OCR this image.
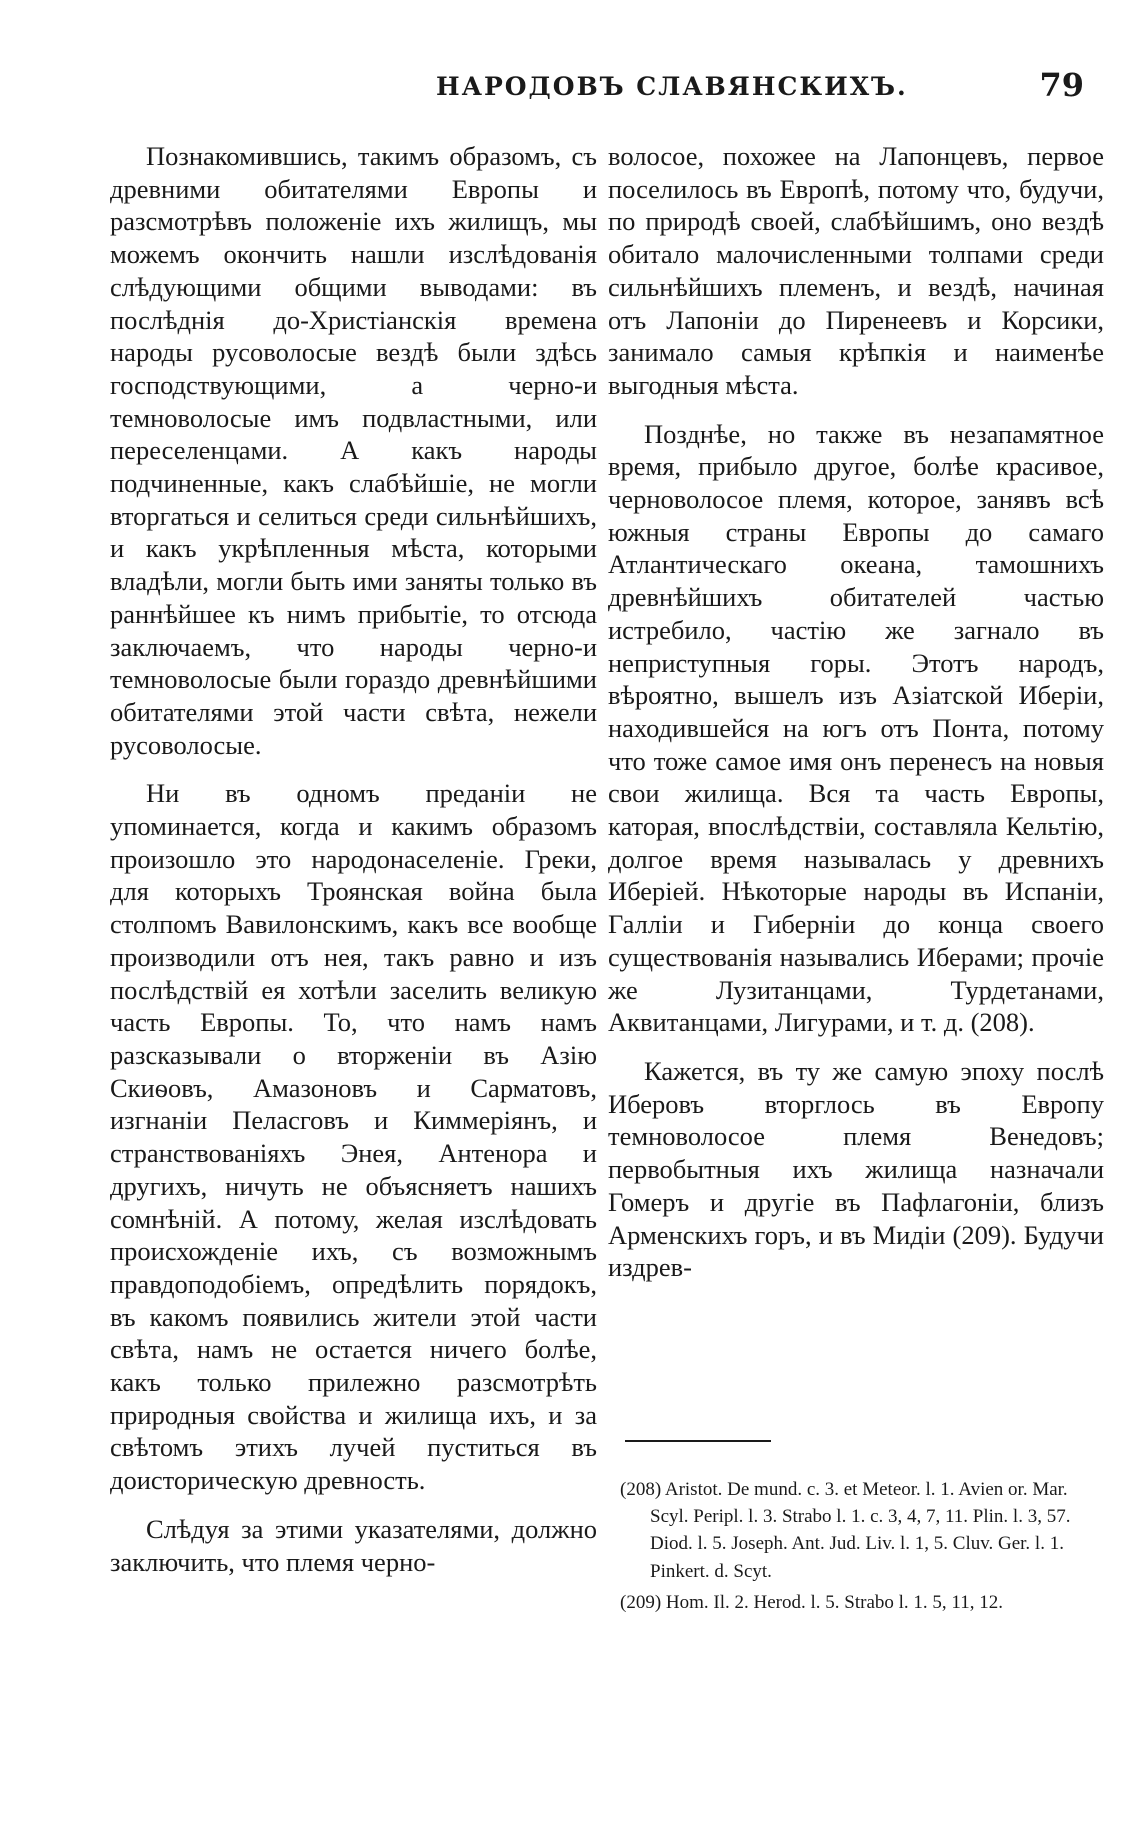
НАРОДОВЪ СЛАВЯНСКИХЪ.	79

Познакомившись, такимъ образомъ, съ древними обитателями Европы и разсмотрѣвъ положеніе ихъ жилищъ, мы можемъ окончить нашли изслѣдованія слѣдующими общими выводами: въ послѣднія до-Христіанскія времена народы русоволосые вездѣ были здѣсь господствующими, а черно-и темноволосые имъ подвластными, или переселенцами. А какъ народы подчиненные, какъ слабѣйшіе, не могли вторгаться и селиться среди сильнѣйшихъ, и какъ укрѣпленныя мѣста, которыми владѣли, могли быть ими заняты только въ раннѣйшее къ нимъ прибытіе, то отсюда заключаемъ, что народы черно-и темноволосые были гораздо древнѣйшими обитателями этой части свѣта, нежели русоволосые.

Ни въ одномъ преданіи не упоминается, когда и какимъ образомъ произошло это народонаселеніе. Греки, для которыхъ Троянская война была столпомъ Вавилонскимъ, какъ все вообще производили отъ нея, такъ равно и изъ послѣдствій ея хотѣли заселить великую часть Европы. То, что намъ намъ разсказывали о вторженіи въ Азію Скиѳовъ, Амазоновъ и Сарматовъ, изгнаніи Пеласговъ и Киммеріянъ, и странствованіяхъ Энея, Антенора и другихъ, ничуть не объясняетъ нашихъ сомнѣній. А потому, желая изслѣдовать происхожденіе ихъ, съ возможнымъ правдоподобіемъ, опредѣлить порядокъ, въ какомъ появились жители этой части свѣта, намъ не остается ничего болѣе, какъ только прилежно разсмотрѣть природныя свойства и жилища ихъ, и за свѣтомъ этихъ лучей пуститься въ доисторическую древность.

Слѣдуя за этими указателями, должно заключить, что племя черно-

волосое, похожее на Лапонцевъ, первое поселилось въ Европѣ, потому что, будучи, по природѣ своей, слабѣйшимъ, оно вездѣ обитало малочисленными толпами среди сильнѣйшихъ племенъ, и вездѣ, начиная отъ Лапоніи до Пиренеевъ и Корсики, занимало самыя крѣпкія и наименѣе выгодныя мѣста.

Позднѣе, но также въ незапамятное время, прибыло другое, болѣе красивое, черноволосое племя, которое, занявъ всѣ южныя страны Европы до самаго Атлантическаго океана, тамошнихъ древнѣйшихъ обитателей частью истребило, частію же загнало въ неприступныя горы. Этотъ народъ, вѣроятно, вышелъ изъ Азіатской Иберіи, находившейся на югъ отъ Понта, потому что тоже самое имя онъ перенесъ на новыя свои жилища. Вся та часть Европы, каторая, впослѣдствіи, составляла Кельтію, долгое время называлась у древнихъ Иберіей. Нѣкоторые народы въ Испаніи, Галліи и Гиберніи до конца своего существованія назывались Иберами; прочіе же Лузитанцами, Турдетанами, Аквитанцами, Лигурами, и т. д. (208).

Кажется, въ ту же самую эпоху послѣ Иберовъ вторглось въ Европу темноволосое племя Венедовъ; первобытныя ихъ жилища назначали Гомеръ и другіе въ Пафлагоніи, близъ Арменскихъ горъ, и въ Мидіи (209). Будучи издрев-

(208) Aristot. De mund. c. 3. et Meteor. l. 1. Avien or. Mar. Scyl. Peripl. l. 3. Strabo l. 1. c. 3, 4, 7, 11. Plin. l. 3, 57. Diod. l. 5. Joseph. Ant. Jud. Liv. l. 1, 5. Cluv. Ger. l. 1. Pinkert. d. Scyt.

(209) Hom. Il. 2. Herod. l. 5. Strabo l. 1. 5, 11, 12.
